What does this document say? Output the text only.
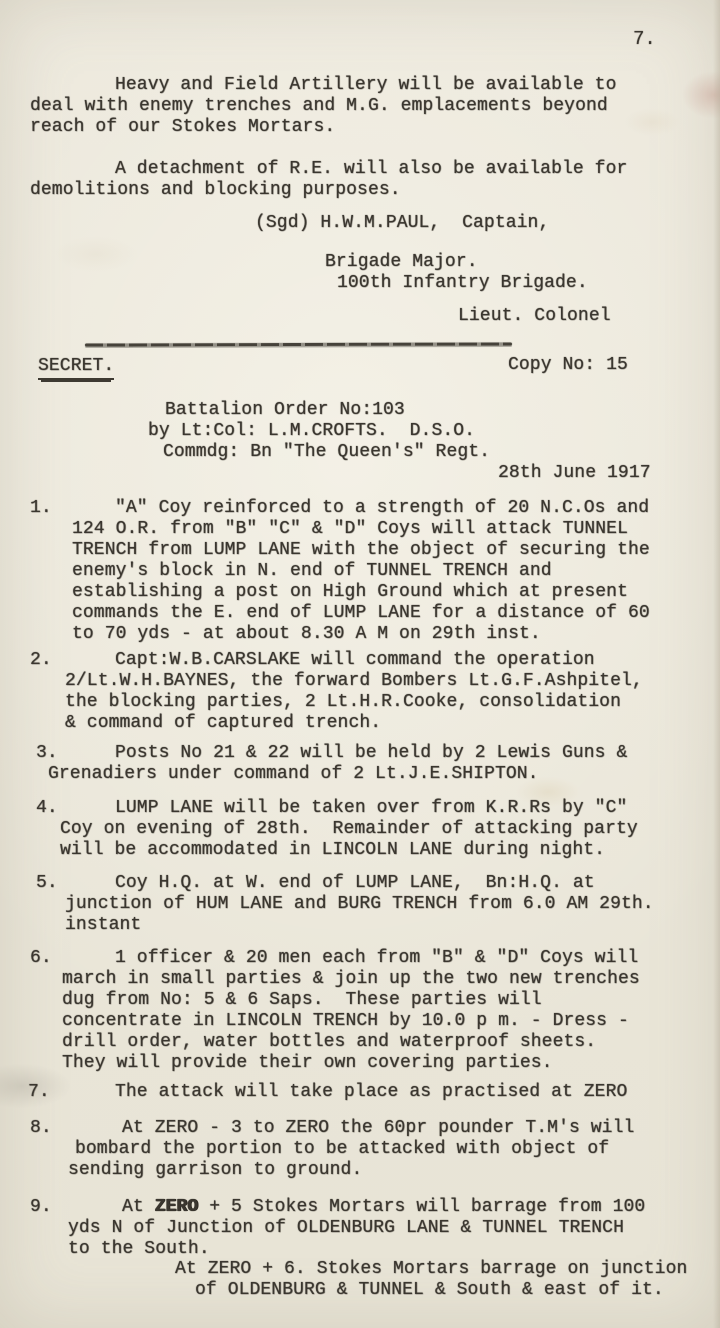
7.
Heavy and Field Artillery will be available to
deal with enemy trenches and M.G. emplacements beyond
reach of our Stokes Mortars.
A detachment of R.E. will also be available for
demolitions and blocking purposes.
(Sgd) H.W.M.PAUL,  Captain,
Brigade Major.
100th Infantry Brigade.
Lieut. Colonel
SECRET.	Copy No: 15
Battalion Order No:103
by Lt:Col: L.M.CROFTS.  D.S.O.
Commdg: Bn "The Queen's" Regt.
28th June 1917
1.	"A" Coy reinforced to a strength of 20 N.C.Os and
124 O.R. from "B" "C" & "D" Coys will attack TUNNEL
TRENCH from LUMP LANE with the object of securing the
enemy's block in N. end of TUNNEL TRENCH and
establishing a post on High Ground which at present
commands the E. end of LUMP LANE for a distance of 60
to 70 yds - at about 8.30 A M on 29th inst.
2.	Capt:W.B.CARSLAKE will command the operation
2/Lt.W.H.BAYNES, the forward Bombers Lt.G.F.Ashpitel,
the blocking parties, 2 Lt.H.R.Cooke, consolidation
& command of captured trench.
3.	Posts No 21 & 22 will be held by 2 Lewis Guns &
Grenadiers under command of 2 Lt.J.E.SHIPTON.
4.	LUMP LANE will be taken over from K.R.Rs by "C"
Coy on evening of 28th.  Remainder of attacking party
will be accommodated in LINCOLN LANE during night.
5.	Coy H.Q. at W. end of LUMP LANE,  Bn:H.Q. at
junction of HUM LANE and BURG TRENCH from 6.0 AM 29th.
instant
6.	1 officer & 20 men each from "B" & "D" Coys will
march in small parties & join up the two new trenches
dug from No: 5 & 6 Saps.  These parties will
concentrate in LINCOLN TRENCH by 10.0 p m. - Dress -
drill order, water bottles and waterproof sheets.
They will provide their own covering parties.
7.	The attack will take place as practised at ZERO
8.	At ZERO - 3 to ZERO the 60pr pounder T.M's will
bombard the portion to be attacked with object of
sending garrison to ground.
9.	At ZERO + 5 Stokes Mortars will barrage from 100
yds N of Junction of OLDENBURG LANE & TUNNEL TRENCH
to the South.
At ZERO + 6. Stokes Mortars barrage on junction
of OLDENBURG & TUNNEL & South & east of it.
